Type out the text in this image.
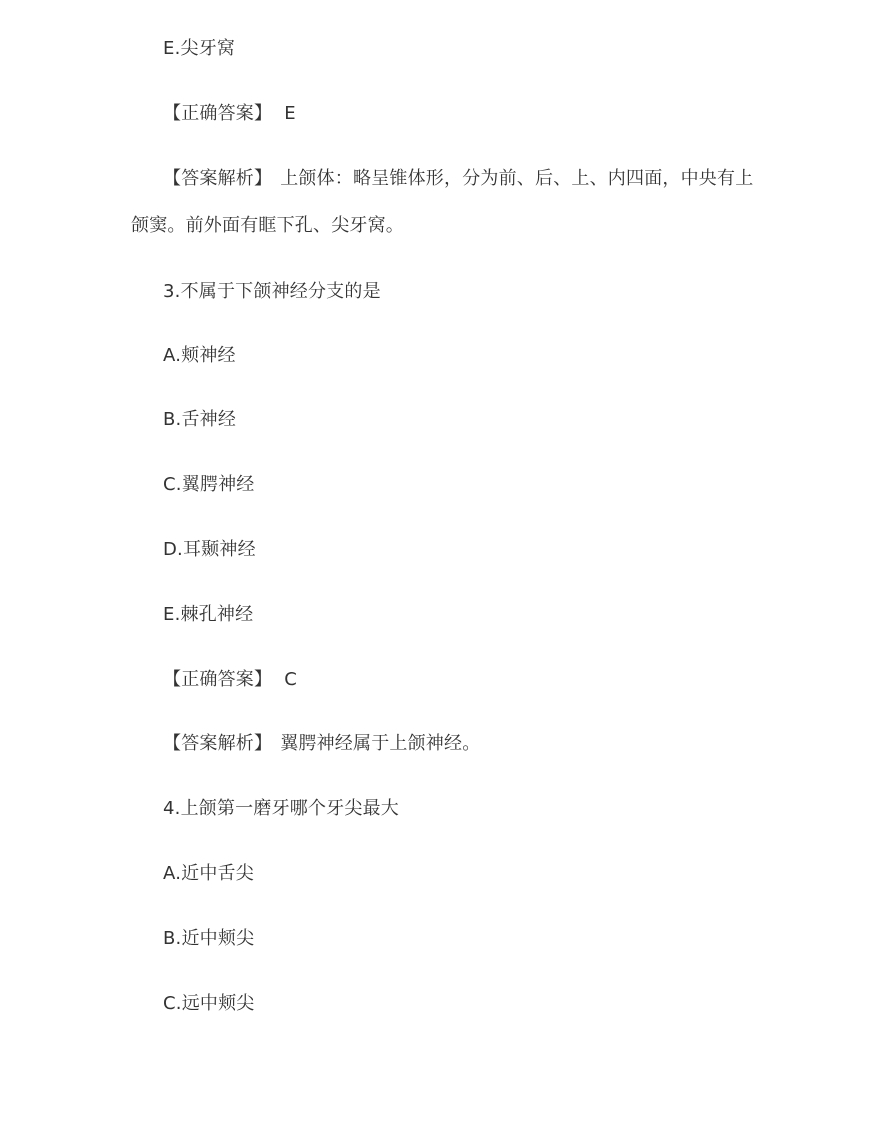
E.尖牙窝
【正确答案】 E
【答案解析】 上颌体：略呈锥体形，分为前、后、上、内四面，中央有上
颌窦。前外面有眶下孔、尖牙窝。
3.不属于下颌神经分支的是
A.颊神经
B.舌神经
C.翼腭神经
D.耳颞神经
E.棘孔神经
【正确答案】 C
【答案解析】 翼腭神经属于上颌神经。
4.上颌第一磨牙哪个牙尖最大
A.近中舌尖
B.近中颊尖
C.远中颊尖
